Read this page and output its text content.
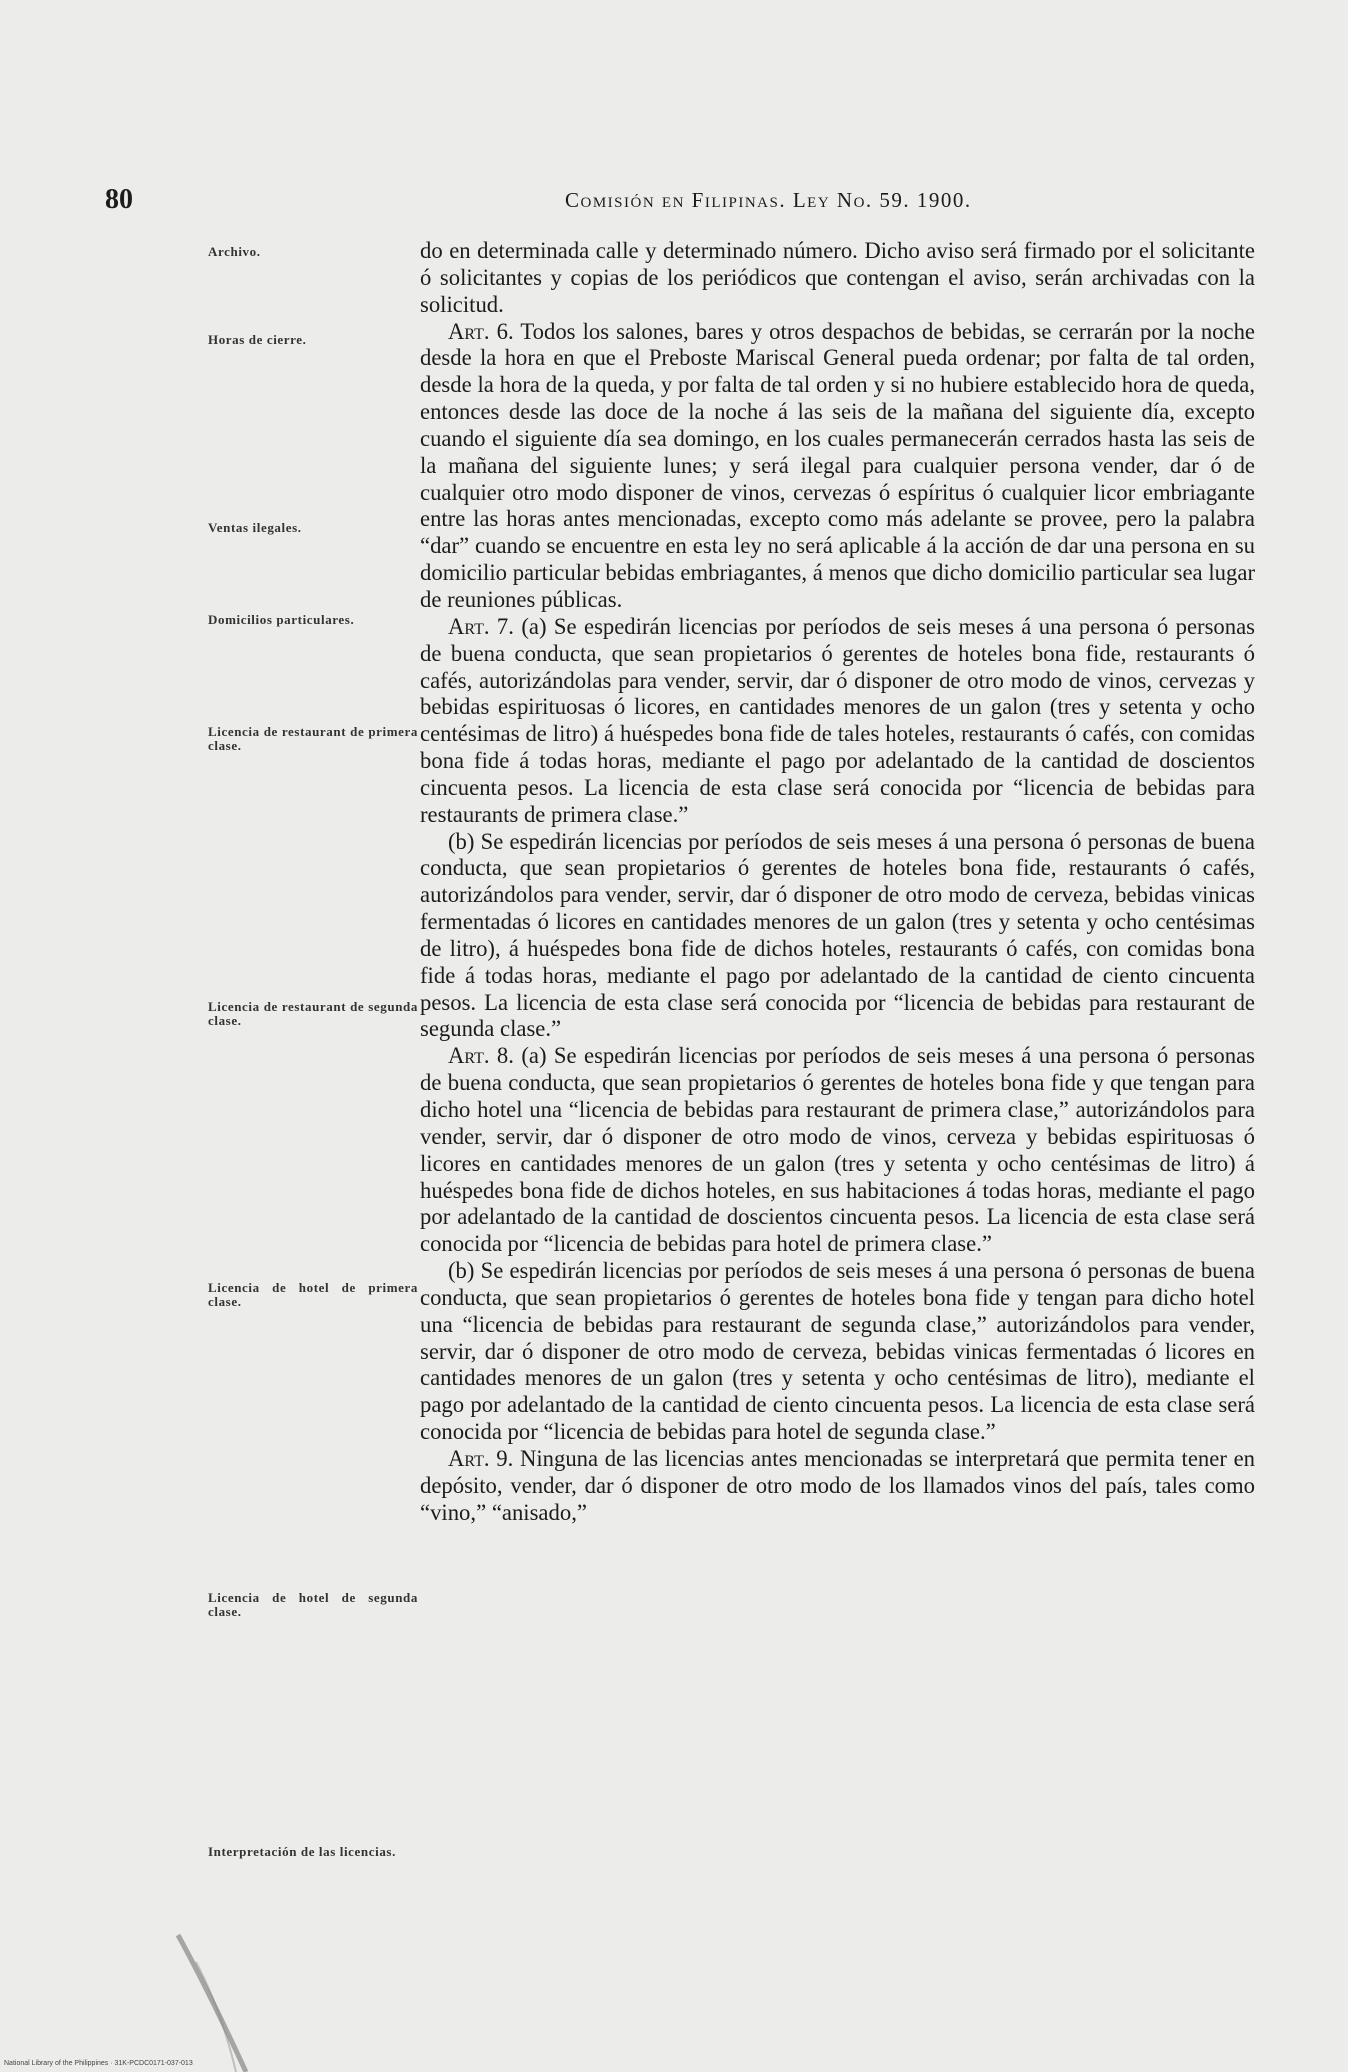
80	Comisión en Filipinas. Ley No. 59. 1900.
Archivo.
Horas de cierre.
Ventas ilegales.
Domicilios particulares.
Licencia de restaurant de primera clase.
Licencia de restaurant de segunda clase.
Licencia de hotel de primera clase.
Licencia de hotel de segunda clase.
Interpretación de las licencias.

do en determinada calle y determinado número. Dicho aviso será firmado por el solicitante ó solicitantes y copias de los periódicos que contengan el aviso, serán archivadas con la solicitud.

Art. 6. Todos los salones, bares y otros despachos de bebidas, se cerrarán por la noche desde la hora en que el Preboste Mariscal General pueda ordenar; por falta de tal orden, desde la hora de la queda, y por falta de tal orden y si no hubiere establecido hora de queda, entonces desde las doce de la noche á las seis de la mañana del siguiente día, excepto cuando el siguiente día sea domingo, en los cuales permanecerán cerrados hasta las seis de la mañana del siguiente lunes; y será ilegal para cualquier persona vender, dar ó de cualquier otro modo disponer de vinos, cervezas ó espíritus ó cualquier licor embriagante entre las horas antes mencionadas, excepto como más adelante se provee, pero la palabra “dar” cuando se encuentre en esta ley no será aplicable á la acción de dar una persona en su domicilio particular bebidas embriagantes, á menos que dicho domicilio particular sea lugar de reuniones públicas.

Art. 7. (a) Se espedirán licencias por períodos de seis meses á una persona ó personas de buena conducta, que sean propietarios ó gerentes de hoteles bona fide, restaurants ó cafés, autorizándolas para vender, servir, dar ó disponer de otro modo de vinos, cervezas y bebidas espirituosas ó licores, en cantidades menores de un galon (tres y setenta y ocho centésimas de litro) á huéspedes bona fide de tales hoteles, restaurants ó cafés, con comidas bona fide á todas horas, mediante el pago por adelantado de la cantidad de doscientos cincuenta pesos. La licencia de esta clase será conocida por “licencia de bebidas para restaurants de primera clase.”

(b) Se espedirán licencias por períodos de seis meses á una persona ó personas de buena conducta, que sean propietarios ó gerentes de hoteles bona fide, restaurants ó cafés, autorizándolos para vender, servir, dar ó disponer de otro modo de cerveza, bebidas vinicas fermentadas ó licores en cantidades menores de un galon (tres y setenta y ocho centésimas de litro), á huéspedes bona fide de dichos hoteles, restaurants ó cafés, con comidas bona fide á todas horas, mediante el pago por adelantado de la cantidad de ciento cincuenta pesos. La licencia de esta clase será conocida por “licencia de bebidas para restaurant de segunda clase.”

Art. 8. (a) Se espedirán licencias por períodos de seis meses á una persona ó personas de buena conducta, que sean propietarios ó gerentes de hoteles bona fide y que tengan para dicho hotel una “licencia de bebidas para restaurant de primera clase,” autorizándolos para vender, servir, dar ó disponer de otro modo de vinos, cerveza y bebidas espirituosas ó licores en cantidades menores de un galon (tres y setenta y ocho centésimas de litro) á huéspedes bona fide de dichos hoteles, en sus habitaciones á todas horas, mediante el pago por adelantado de la cantidad de doscientos cincuenta pesos. La licencia de esta clase será conocida por “licencia de bebidas para hotel de primera clase.”

(b) Se espedirán licencias por períodos de seis meses á una persona ó personas de buena conducta, que sean propietarios ó gerentes de hoteles bona fide y tengan para dicho hotel una “licencia de bebidas para restaurant de segunda clase,” autorizándolos para vender, servir, dar ó disponer de otro modo de cerveza, bebidas vinicas fermentadas ó licores en cantidades menores de un galon (tres y setenta y ocho centésimas de litro), mediante el pago por adelantado de la cantidad de ciento cincuenta pesos. La licencia de esta clase será conocida por “licencia de bebidas para hotel de segunda clase.”

Art. 9. Ninguna de las licencias antes mencionadas se interpretará que permita tener en depósito, vender, dar ó disponer de otro modo de los llamados vinos del país, tales como “vino,” “anisado,”

National Library of the Philippines · 31K-PCDC0171-037-013
